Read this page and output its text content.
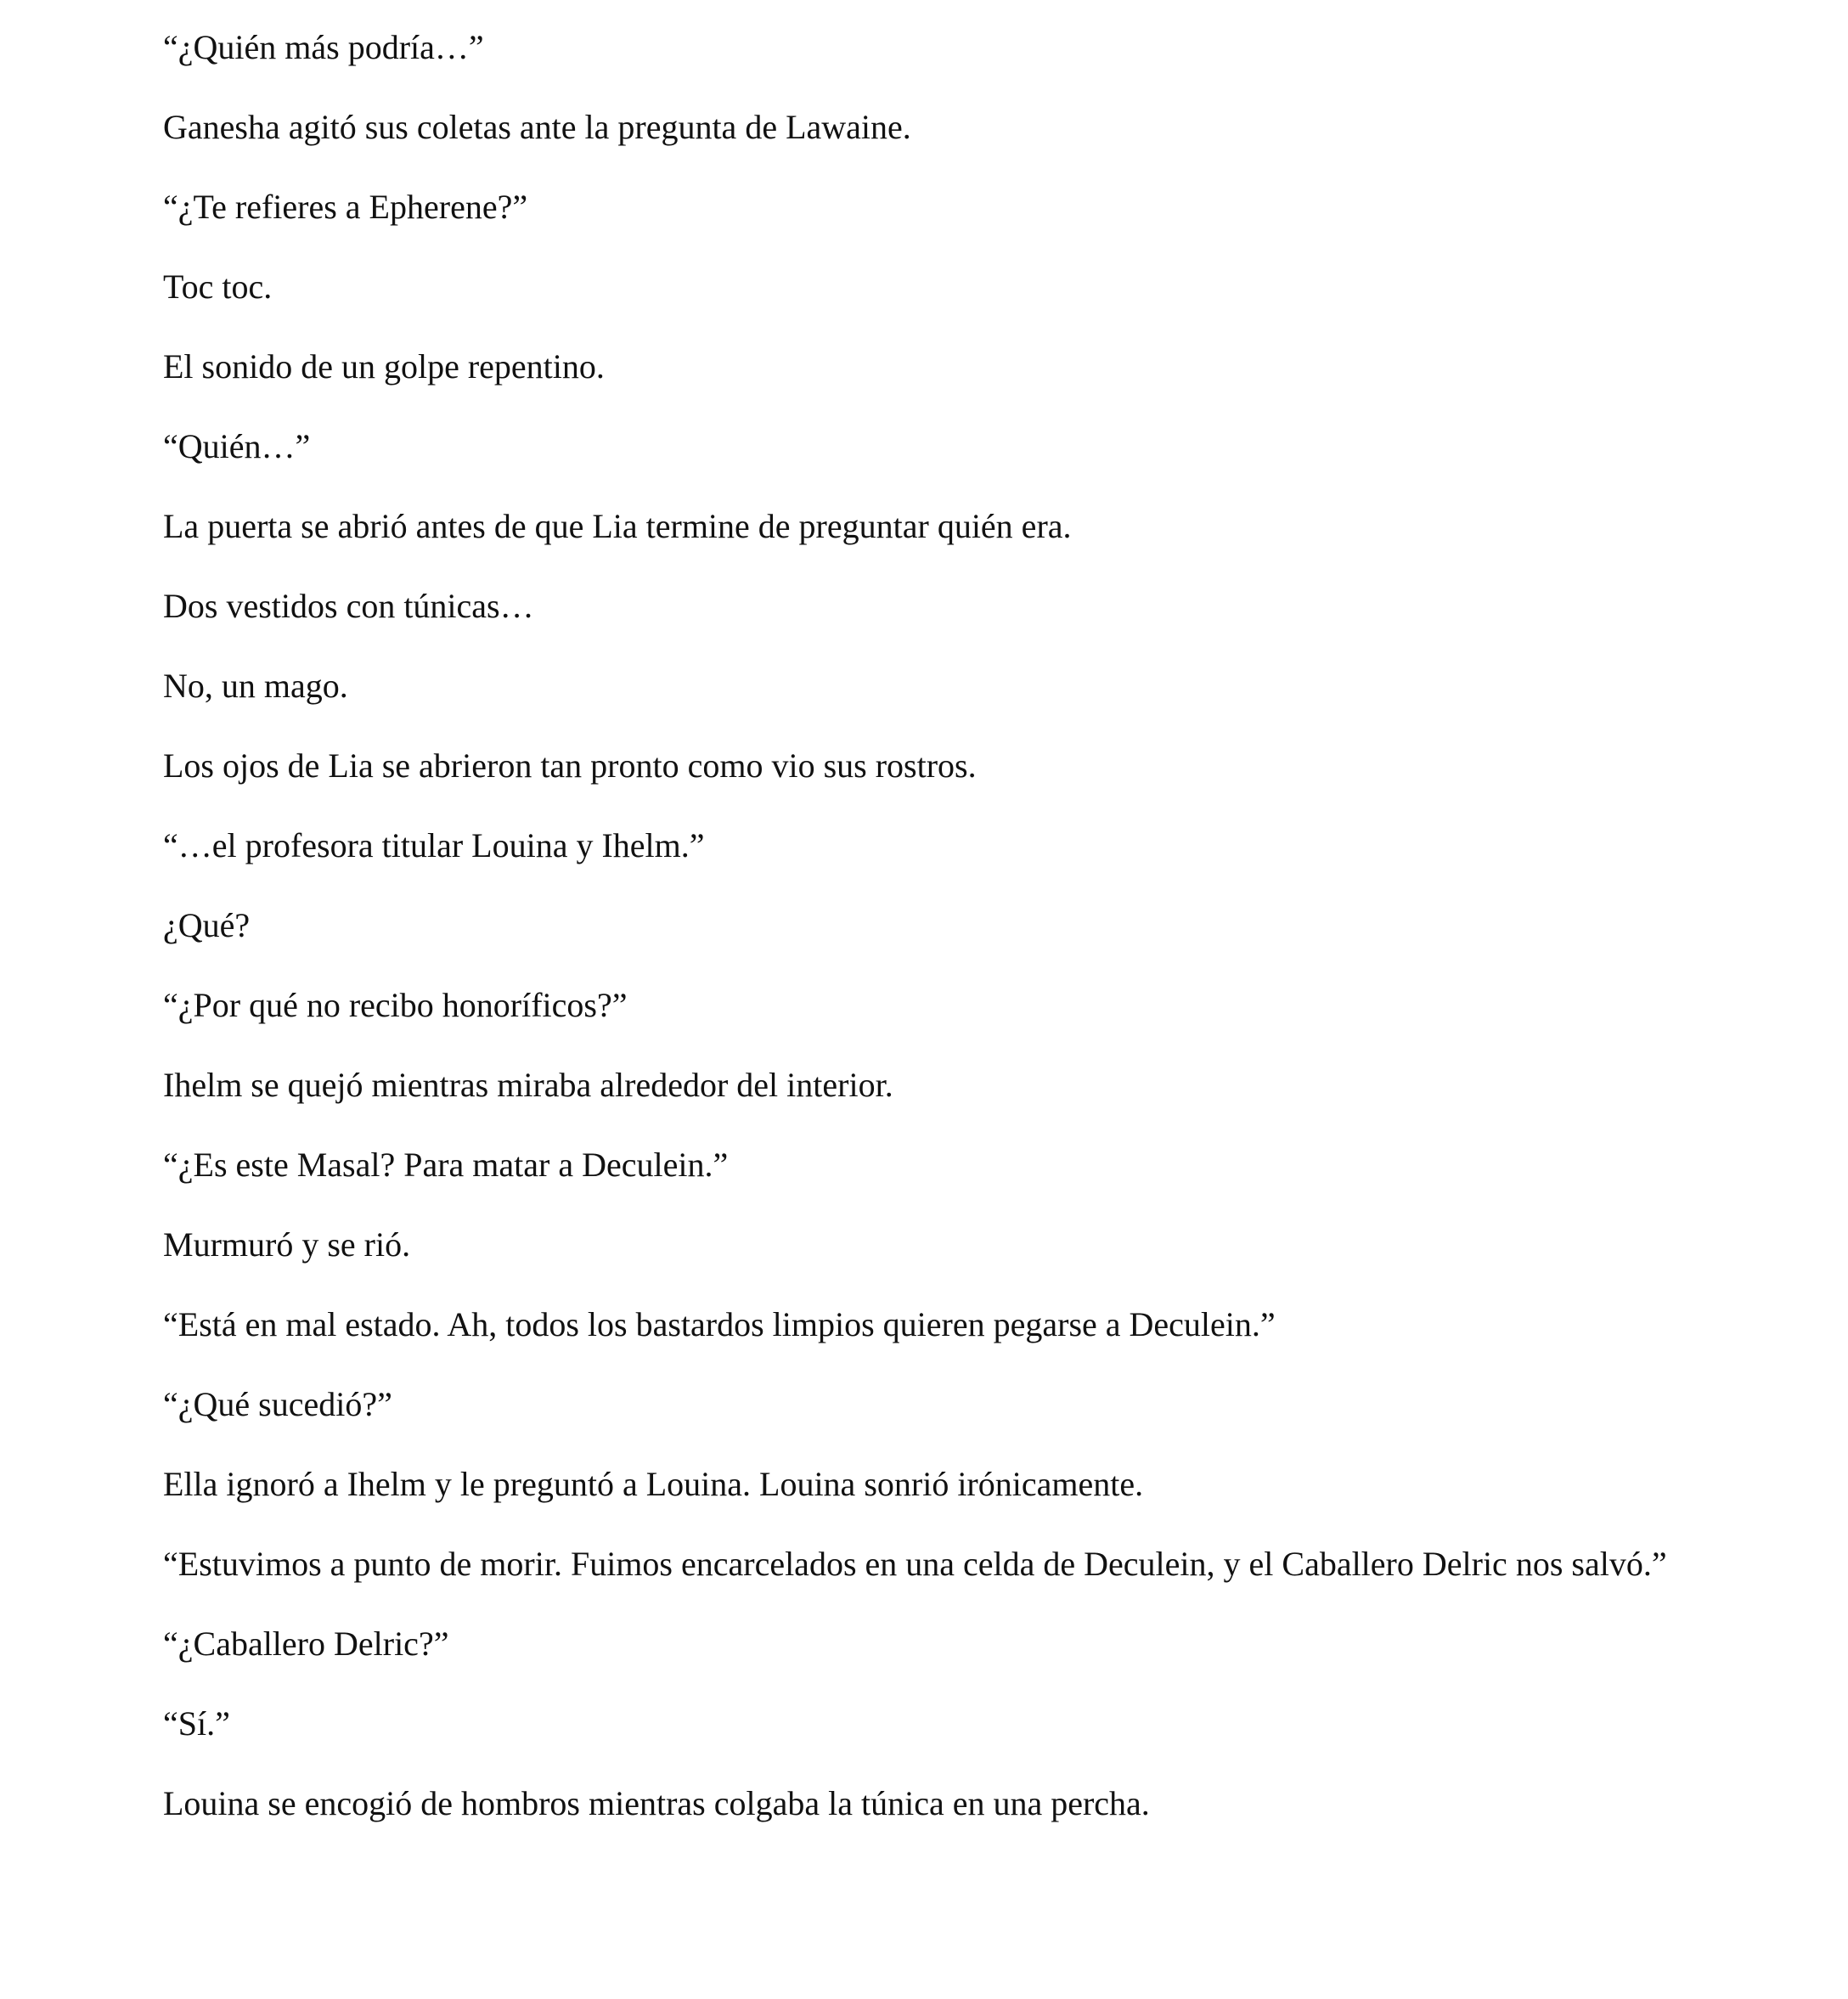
“¿Quién más podría…”

Ganesha agitó sus coletas ante la pregunta de Lawaine.

“¿Te refieres a Epherene?”

Toc toc.

El sonido de un golpe repentino.

“Quién…”

La puerta se abrió antes de que Lia termine de preguntar quién era.

Dos vestidos con túnicas…

No, un mago.

Los ojos de Lia se abrieron tan pronto como vio sus rostros.

“…el profesora titular Louina y Ihelm.”

¿Qué?

“¿Por qué no recibo honoríficos?”

Ihelm se quejó mientras miraba alrededor del interior.

“¿Es este Masal? Para matar a Deculein.”

Murmuró y se rió.

“Está en mal estado. Ah, todos los bastardos limpios quieren pegarse a Deculein.”

“¿Qué sucedió?”

Ella ignoró a Ihelm y le preguntó a Louina. Louina sonrió irónicamente.

“Estuvimos a punto de morir. Fuimos encarcelados en una celda de Deculein, y el Caballero Delric nos salvó.”

“¿Caballero Delric?”

“Sí.”

Louina se encogió de hombros mientras colgaba la túnica en una percha.
